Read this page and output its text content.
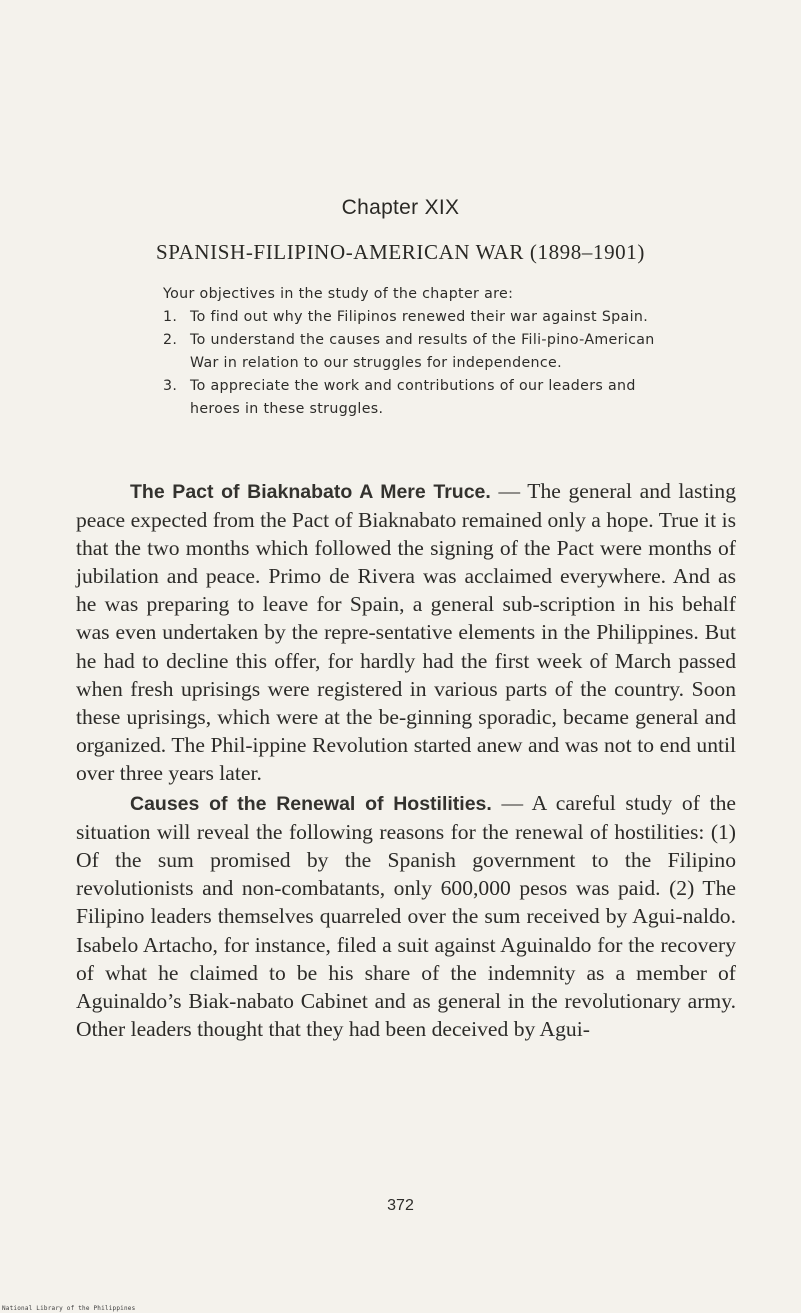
Chapter XIX
SPANISH-FILIPINO-AMERICAN WAR (1898–1901)

Your objectives in the study of the chapter are:

1. To find out why the Filipinos renewed their war against Spain.
2. To understand the causes and results of the Fili-pino-American War in relation to our struggles for independence.
3. To appreciate the work and contributions of our leaders and heroes in these struggles.

The Pact of Biaknabato A Mere Truce. — The general and lasting peace expected from the Pact of Biaknabato remained only a hope. True it is that the two months which followed the signing of the Pact were months of jubilation and peace. Primo de Rivera was acclaimed everywhere. And as he was preparing to leave for Spain, a general sub-scription in his behalf was even undertaken by the repre-sentative elements in the Philippines. But he had to decline this offer, for hardly had the first week of March passed when fresh uprisings were registered in various parts of the country. Soon these uprisings, which were at the be-ginning sporadic, became general and organized. The Phil-ippine Revolution started anew and was not to end until over three years later.

Causes of the Renewal of Hostilities. — A careful study of the situation will reveal the following reasons for the renewal of hostilities: (1) Of the sum promised by the Spanish government to the Filipino revolutionists and non-combatants, only 600,000 pesos was paid. (2) The Filipino leaders themselves quarreled over the sum received by Agui-naldo. Isabelo Artacho, for instance, filed a suit against Aguinaldo for the recovery of what he claimed to be his share of the indemnity as a member of Aguinaldo’s Biak-nabato Cabinet and as general in the revolutionary army. Other leaders thought that they had been deceived by Agui-

372
National Library of the Philippines
